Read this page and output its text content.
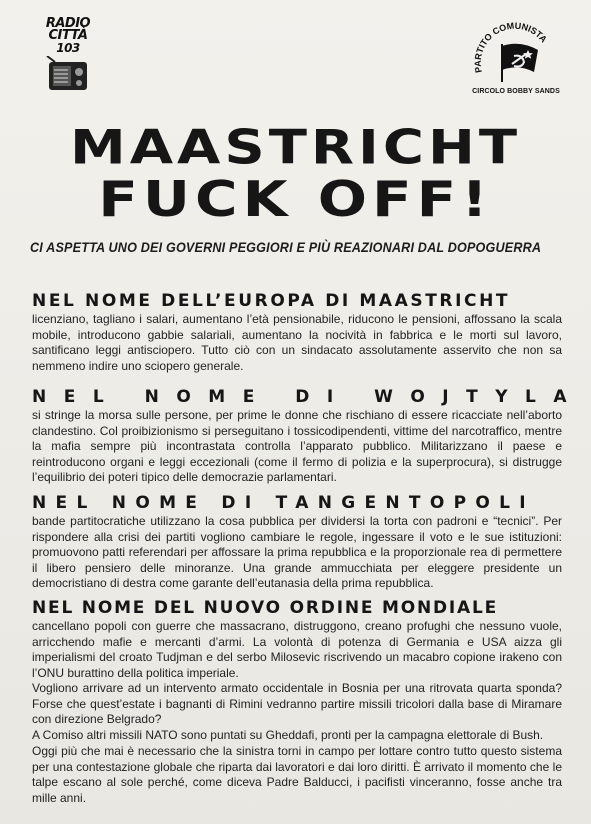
RADIO
CITTÀ
103
PARTITO COMUNISTA
CIRCOLO BOBBY SANDS
MAASTRICHT
FUCK OFF!
CI ASPETTA UNO DEI GOVERNI PEGGIORI E PIÙ REAZIONARI DAL DOPOGUERRA
NEL NOME DELL’EUROPA DI MAASTRICHT

licenziano, tagliano i salari, aumentano l’età pensionabile, riducono le pensioni, affossano la scala mobile, introducono gabbie salariali, aumentano la nocività in fabbrica e le morti sul lavoro, santificano leggi antisciopero. Tutto ciò con un sindacato assolutamente asservito che non sa nemmeno indire uno sciopero generale.

NEL NOME DI WOJTYLA

si stringe la morsa sulle persone, per prime le donne che rischiano di essere ricacciate nell’aborto clandestino. Col proibizionismo si perseguitano i tossicodipendenti, vittime del narcotraffico, mentre la mafia sempre più incontrastata controlla l’apparato pubblico. Militarizzano il paese e reintroducono organi e leggi eccezionali (come il fermo di polizia e la superprocura), si distrugge l’equilibrio dei poteri tipico delle democrazie parlamentari.

NEL NOME DI TANGENTOPOLI

bande partitocratiche utilizzano la cosa pubblica per dividersi la torta con padroni e “tecnici”. Per rispondere alla crisi dei partiti vogliono cambiare le regole, ingessare il voto e le sue istituzioni: promuovono patti referendari per affossare la prima repubblica e la proporzionale rea di permettere il libero pensiero delle minoranze. Una grande ammucchiata per eleggere presidente un democristiano di destra come garante dell’eutanasia della prima repubblica.

NEL NOME DEL NUOVO ORDINE MONDIALE

cancellano popoli con guerre che massacrano, distruggono, creano profughi che nessuno vuole, arricchendo mafie e mercanti d’armi. La volontà di potenza di Germania e USA aizza gli imperialismi del croato Tudjman e del serbo Milosevic riscrivendo un macabro copione irakeno con l’ONU burattino della politica imperiale.

Vogliono arrivare ad un intervento armato occidentale in Bosnia per una ritrovata quarta sponda? Forse che quest’estate i bagnanti di Rimini vedranno partire missili tricolori dalla base di Miramare con direzione Belgrado?

A Comiso altri missili NATO sono puntati su Gheddafi, pronti per la campagna elettorale di Bush.

Oggi più che mai è necessario che la sinistra torni in campo per lottare contro tutto questo sistema per una contestazione globale che riparta dai lavoratori e dai loro diritti. È arrivato il momento che le talpe escano al sole perché, come diceva Padre Balducci, i pacifisti vinceranno, fosse anche tra mille anni.
